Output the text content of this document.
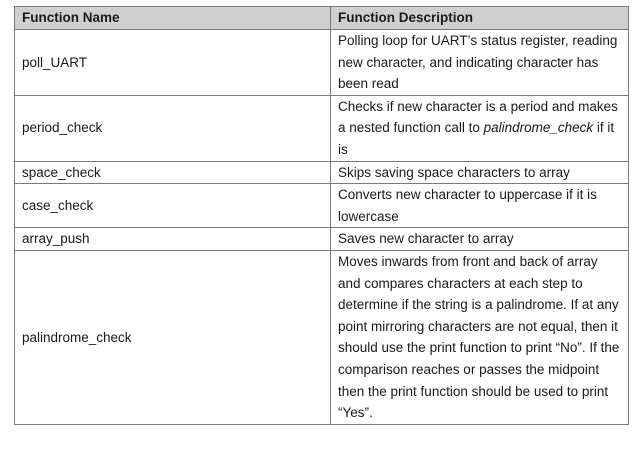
Function Name	Function Description
poll_UART	Polling loop for UART’s status register, reading new character, and indicating character has been read
period_check	Checks if new character is a period and makes a nested function call to palindrome_check if it is
space_check	Skips saving space characters to array
case_check	Converts new character to uppercase if it is lowercase
array_push	Saves new character to array
palindrome_check	Moves inwards from front and back of array and compares characters at each step to determine if the string is a palindrome. If at any point mirroring characters are not equal, then it should use the print function to print “No”. If the comparison reaches or passes the midpoint then the print function should be used to print “Yes”.
